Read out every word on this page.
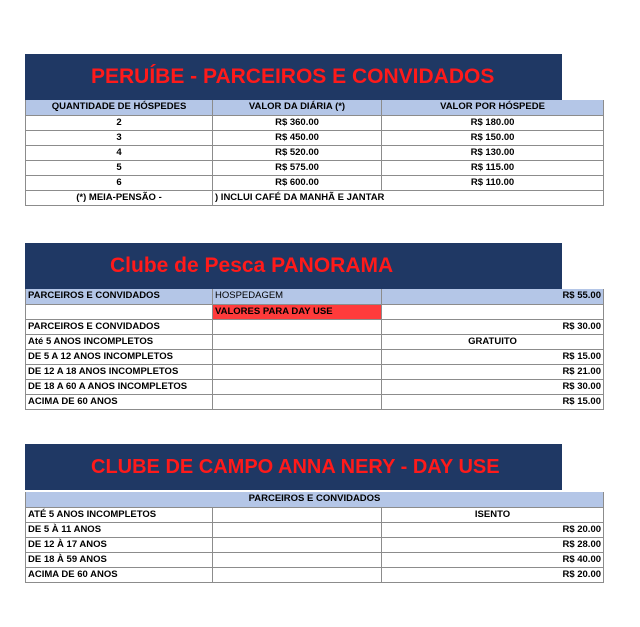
PERUÍBE - PARCEIROS E CONVIDADOS
QUANTIDADE DE HÓSPEDES	VALOR DA DIÁRIA (*)	VALOR POR HÓSPEDE
2	R$ 360.00	R$ 180.00
3	R$ 450.00	R$ 150.00
4	R$ 520.00	R$ 130.00
5	R$ 575.00	R$ 115.00
6	R$ 600.00	R$ 110.00
(*) MEIA-PENSÃO -	) INCLUI CAFÉ DA MANHÃ E JANTAR	
Clube de Pesca PANORAMA
PARCEIROS E CONVIDADOS	HOSPEDAGEM	R$ 55.00
	VALORES PARA DAY USE	
PARCEIROS E CONVIDADOS		R$ 30.00
Até 5 ANOS INCOMPLETOS		GRATUITO
DE 5 A 12 ANOS INCOMPLETOS		R$ 15.00
DE 12 A 18 ANOS INCOMPLETOS		R$ 21.00
DE 18 A 60 A ANOS INCOMPLETOS		R$ 30.00
ACIMA DE 60 ANOS		R$ 15.00
CLUBE DE CAMPO ANNA NERY - DAY USE
PARCEIROS E CONVIDADOS		
ATÉ 5 ANOS INCOMPLETOS		ISENTO
DE 5 À 11 ANOS		R$ 20.00
DE 12 À 17 ANOS		R$ 28.00
DE 18 À 59 ANOS		R$ 40.00
ACIMA DE 60 ANOS		R$ 20.00
